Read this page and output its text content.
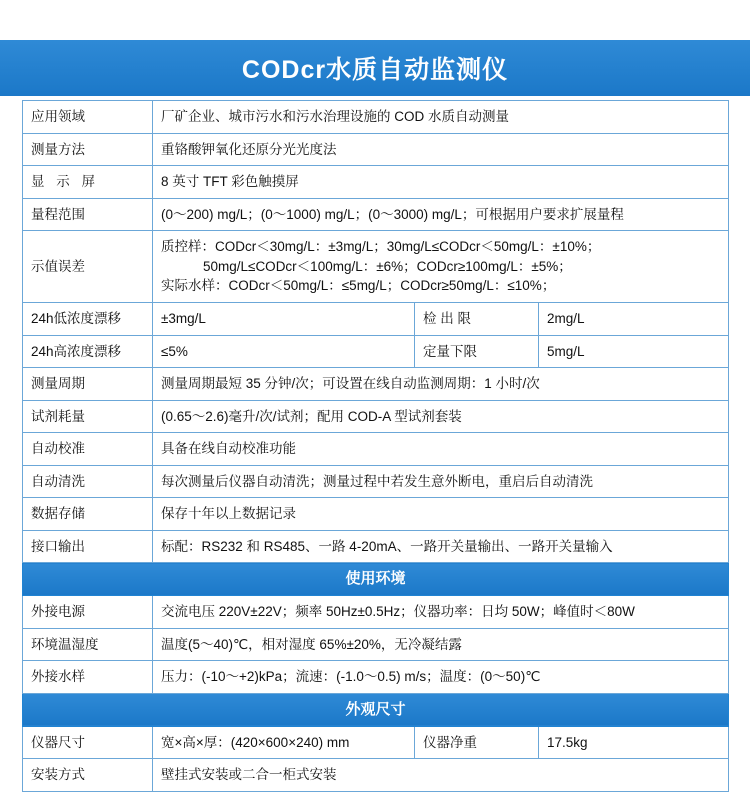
CODcr水质自动监测仪
应用领域	厂矿企业、城市污水和污水治理设施的 COD 水质自动测量		
测量方法	重铬酸钾氧化还原分光光度法		
显 示 屏	8 英寸 TFT 彩色触摸屏		
量程范围	(0〜200) mg/L；(0〜1000) mg/L；(0〜3000) mg/L；可根据用户要求扩展量程		
示值误差	质控样：CODcr＜30mg/L：±3mg/L；30mg/L≤CODcr＜50mg/L：±10%；
50mg/L≤CODcr＜100mg/L：±6%；CODcr≥100mg/L：±5%；
实际水样：CODcr＜50mg/L：≤5mg/L；CODcr≥50mg/L：≤10%；		

24h低浓度漂移	±3mg/L	检 出 限	2mg/L
24h高浓度漂移	≤5%	定量下限	5mg/L
测量周期	测量周期最短 35 分钟/次；可设置在线自动监测周期：1 小时/次		
试剂耗量	(0.65〜2.6)毫升/次/试剂；配用 COD-A 型试剂套装		
自动校准	具备在线自动校准功能		
自动清洗	每次测量后仪器自动清洗；测量过程中若发生意外断电，重启后自动清洗		
数据存储	保存十年以上数据记录		
接口输出	标配：RS232 和 RS485、一路 4-20mA、一路开关量输出、一路开关量输入		
使用环境			
外接电源	交流电压 220V±22V；频率 50Hz±0.5Hz；仪器功率：日均 50W；峰值时＜80W		
环境温湿度	温度(5〜40)℃，相对湿度 65%±20%，无冷凝结露		
外接水样	压力：(-10〜+2)kPa；流速：(-1.0〜0.5) m/s；温度：(0〜50)℃		
外观尺寸			
仪器尺寸	宽×高×厚：(420×600×240) mm	仪器净重	17.5kg
安装方式	壁挂式安装或二合一柜式安装		
